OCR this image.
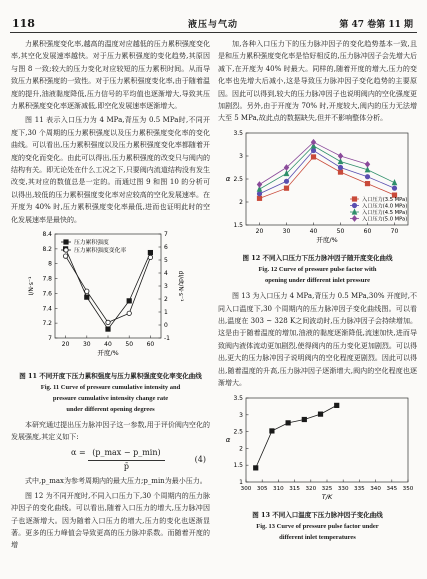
118	液压与气动	第 47 卷第 11 期

力累积强度变化率,越高的温度对应越低的压力累积强度变化率,其空化发展速率越快。对于压力累积强度的变化趋势,其原因与图 8 一致;较大的压力变化对应较短的压力累积时间。从而导致压力累积强度的一致性。对于压力累积强度变化率,由于随着温度的提升,油液黏度降低,压力信号的平均值也逐渐增大,导致其压力累积强度变化率逐渐减低,即空化发展速率逐渐增大。

图 11 表示入口压力为 4 MPa,背压为 0.5 MPa时,不同开度下,30 个周期的压力累积强度以及压力累积强度变化率的变化曲线。可以看出,压力累积强度以及压力累积强度变化率都随着开度的变化而变化。由此可以得出,压力累积强度的改变只与阀内的结构有关。即无论处在什么工况之下,只要阀内流道结构没有发生改变,其对应的数值总是一定的。而通过图 9 和图 10 的分析可以得出,较低的压力累积强度变化率对应较高的空化发展速率。在开度为 40% 时,压力累积强度变化率最低,进而也证明此时的空化发展速率是最快的。

20 30 40 50 60
7
7.2
7.4
7.6
7.8
8
8.2
8.4
-1
0
1
2
3
4
5
6
7
开度/%
I/N·s⁻¹	dI/dt/N·s⁻¹
压力累积强度
压力累积强度变化率
图 11 不同开度下压力累积强度与压力累积强度变化率变化曲线
Fig. 11 Curve of pressure cumulative intensity and
pressure cumulative intensity change rate
under different opening degrees

本研究通过提出压力脉冲因子这一参数,用于评价阀内空化的发展强度,其定义如下:

$\alpha = \frac{(p\_\max - p\_\min)}{p̄}$	(4)

式中,p_max为参考周期内的最大压力;p_min为最小压力。

图 12 为不同开度时,不同入口压力下,30 个周期内的压力脉冲因子的变化曲线。可以看出,随着入口压力的增大,压力脉冲因子也逐渐增大。因为随着入口压力的增大,压力的变化也逐渐显著。更多的压力峰值会导致更高的压力脉冲系数。而随着开度的增

加,各种入口压力下的压力脉冲因子的变化趋势基本一致,且是和压力累积强度变化率是恰好相反的,压力脉冲因子会先增大后减下,在开度为 40% 时最大。同样的,随着开度的增大,压力的变化率也先增大后减小,这是导致压力脉冲因子变化趋势的主要原因。因此可以得到,较大的压力脉冲因子也说明阀内的空化强度更加剧烈。另外,由于开度为 70% 时,开度较大,阀内的压力无法增大至 5 MPa,故此点的数据缺失,但并不影响整体分析。

20	30	40	50	60	70
1.5
2
2.5
3
3.5
开度/%
α
入口压力(3.5 MPa)
入口压力(4.0 MPa)
入口压力(4.5 MPa)
入口压力(5.0 MPa)
图 12 不同入口压力下压力脉冲因子随开度变化曲线
Fig. 12 Curve of pressure pulse factor with
opening under different inlet pressure

图 13 为入口压力 4 MPa,背压力 0.5 MPa,30% 开度时,不同入口温度下,30 个周期内的压力脉冲因子变化曲线图。可以看出,温度在 303 ~ 328 K之间波动时,压力脉冲因子会持续增加。这是由于随着温度的增加,油液的黏度逐渐降低,流速加快,进而导致阀内液体流动更加剧烈,使得阀内的压力变化更加剧烈。可以得出,更大的压力脉冲因子说明阀内的空化程度更剧烈。因此可以得出,随着温度的升高,压力脉冲因子逐渐增大,阀内的空化程度也逐渐增大。

300 305 310 315 320 325 330 335 340 345 350
1
1.5
2
2.5
3
3.5
T/K
α
图 13 不同入口温度下压力脉冲因子变化曲线
Fig. 13 Curve of pressure pulse factor under
different inlet temperatures
